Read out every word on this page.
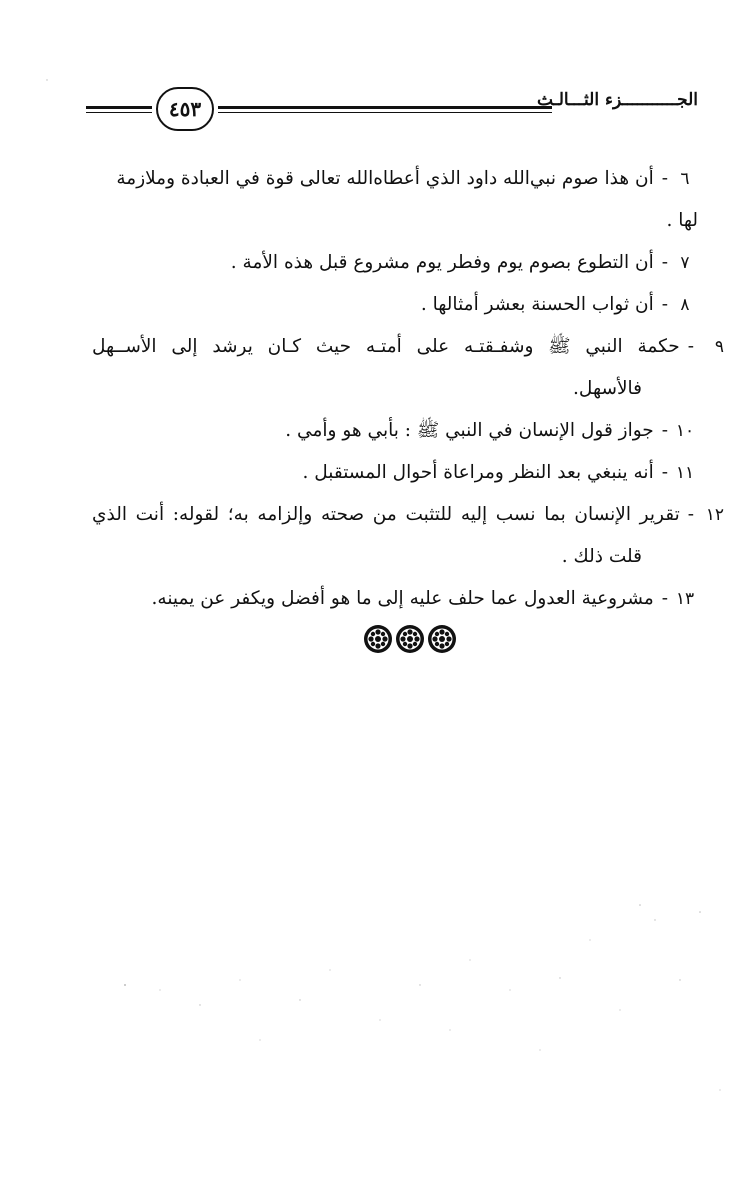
٤٥٣	الجـــــــــــزء الثـــالـث

٦-أن هذا صوم نبي‌الله داود الذي أعطاه‌الله تعالى قوة في العبادة وملازمة لها .

٧-أن التطوع بصوم يوم وفطر يوم مشروع قبل هذه الأمة .

٨-أن ثواب الحسنة بعشر أمثالها .

٩-حكمة النبي ﷺ وشفـقتـه على أمتـه حيث كـان يرشد إلى الأســهل

فالأسهل.

١٠-جواز قول الإنسان في النبي ﷺ : بأبي هو وأمي .

١١-أنه ينبغي بعد النظر ومراعاة أحوال المستقبل .

١٢-تقرير الإنسان بما نسب إليه للتثبت من صحته وإلزامه به؛ لقوله: أنت الذي

قلت ذلك .

١٣-مشروعية العدول عما حلف عليه إلى ما هو أفضل ويكفر عن يمينه.
